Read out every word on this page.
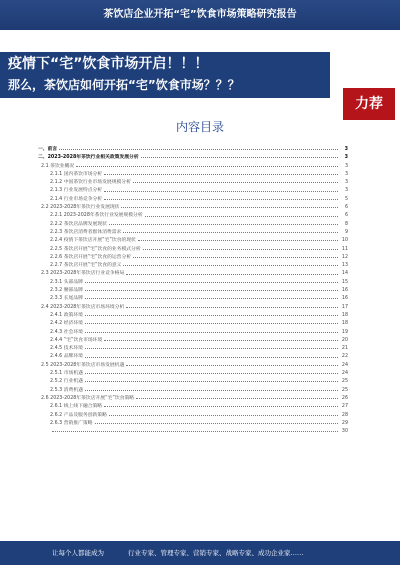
茶饮店企业开拓“宅”饮食市场策略研究报告
疫情下“宅”饮食市场开启！！！
那么，茶饮店如何开拓“宅”饮食市场？？？
力荐
内容目录
一、前言	3
二、2023-2028年茶饮行业相关政策发展分析	3
2.1 茶饮业概况	3
2.1.1 国内茶饮市场分析	3
2.1.2 中国茶饮行业市场发展规模分析	3
2.1.3 行业发展特点分析	3
2.1.4 行业市场竞争分析	5
2.2 2023-2028年茶饮行业发展现状	6
2.2.1 2023-2028年茶饮行业发展规模分析	6
2.2.2 茶饮店品牌发展现状	8
2.2.3 茶饮店消费者群体消费需求	9
2.2.4 疫情下茶饮店开展“宅”饮食的现状	10
2.2.5 茶饮店开展“宅”饮食的业务模式分析	11
2.2.6 茶饮店开展“宅”饮食的运营分析	12
2.2.7 茶饮店开展“宅”饮食的意义	13
2.3 2023-2028年茶饮店行业竞争格局	14
2.3.1 头部品牌	15
2.3.2 腰部品牌	16
2.3.3 长尾品牌	16
2.4 2023-2028年茶饮店市场环境分析	17
2.4.1 政策环境	18
2.4.2 经济环境	18
2.4.3 社会环境	19
2.4.4 “宅”饮食市场环境	20
2.4.5 技术环境	21
2.4.6 品牌环境	22
2.5 2023-2028年茶饮店市场发展机遇	24
2.5.1 市场机遇	24
2.5.2 行业机遇	25
2.5.3 消费机遇	25
2.6 2023-2028年茶饮店开展“宅”饮食策略	26
2.6.1 线上线下融合策略	27
2.6.2 产品及服务创新策略	28
2.6.3 营销推广策略	29
30
让每个人都能成为	行业专家、管理专家、营销专家、战略专家、成功企业家……
